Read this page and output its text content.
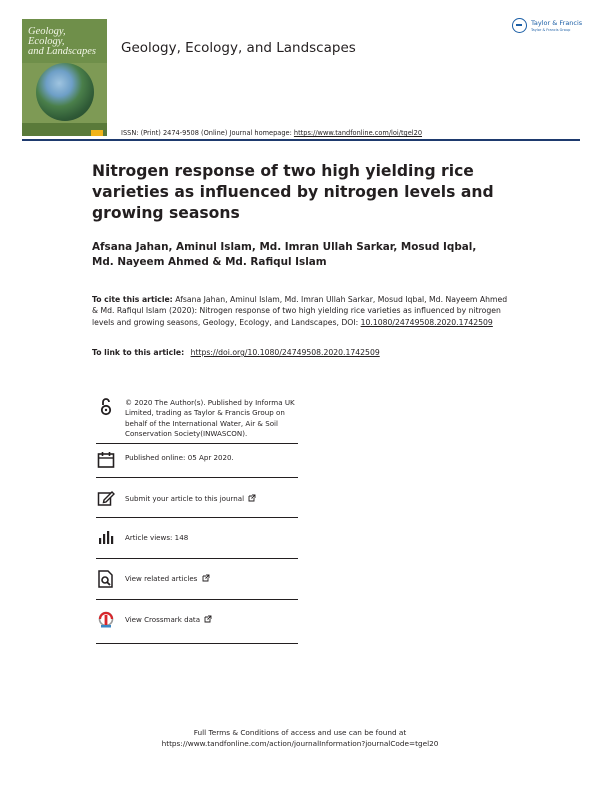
Geology, Ecology,
and Landscapes	Geology, Ecology, and Landscapes
Taylor & Francis
Taylor & Francis Group
ISSN: (Print) 2474-9508 (Online) Journal homepage: https://www.tandfonline.com/loi/tgel20
Nitrogen response of two high yielding rice varieties as influenced by nitrogen levels and growing seasons
Afsana Jahan, Aminul Islam, Md. Imran Ullah Sarkar, Mosud Iqbal, Md. Nayeem Ahmed & Md. Rafiqul Islam
To cite this article: Afsana Jahan, Aminul Islam, Md. Imran Ullah Sarkar, Mosud Iqbal, Md. Nayeem Ahmed & Md. Rafiqul Islam (2020): Nitrogen response of two high yielding rice varieties as influenced by nitrogen levels and growing seasons, Geology, Ecology, and Landscapes, DOI: 10.1080/24749508.2020.1742509
To link to this article: https://doi.org/10.1080/24749508.2020.1742509
© 2020 The Author(s). Published by Informa UK Limited, trading as Taylor & Francis Group on behalf of the International Water, Air & Soil Conservation Society(INWASCON).
Published online: 05 Apr 2020.
Submit your article to this journal
Article views: 148
View related articles
View Crossmark data
Full Terms & Conditions of access and use can be found at
https://www.tandfonline.com/action/journalInformation?journalCode=tgel20
